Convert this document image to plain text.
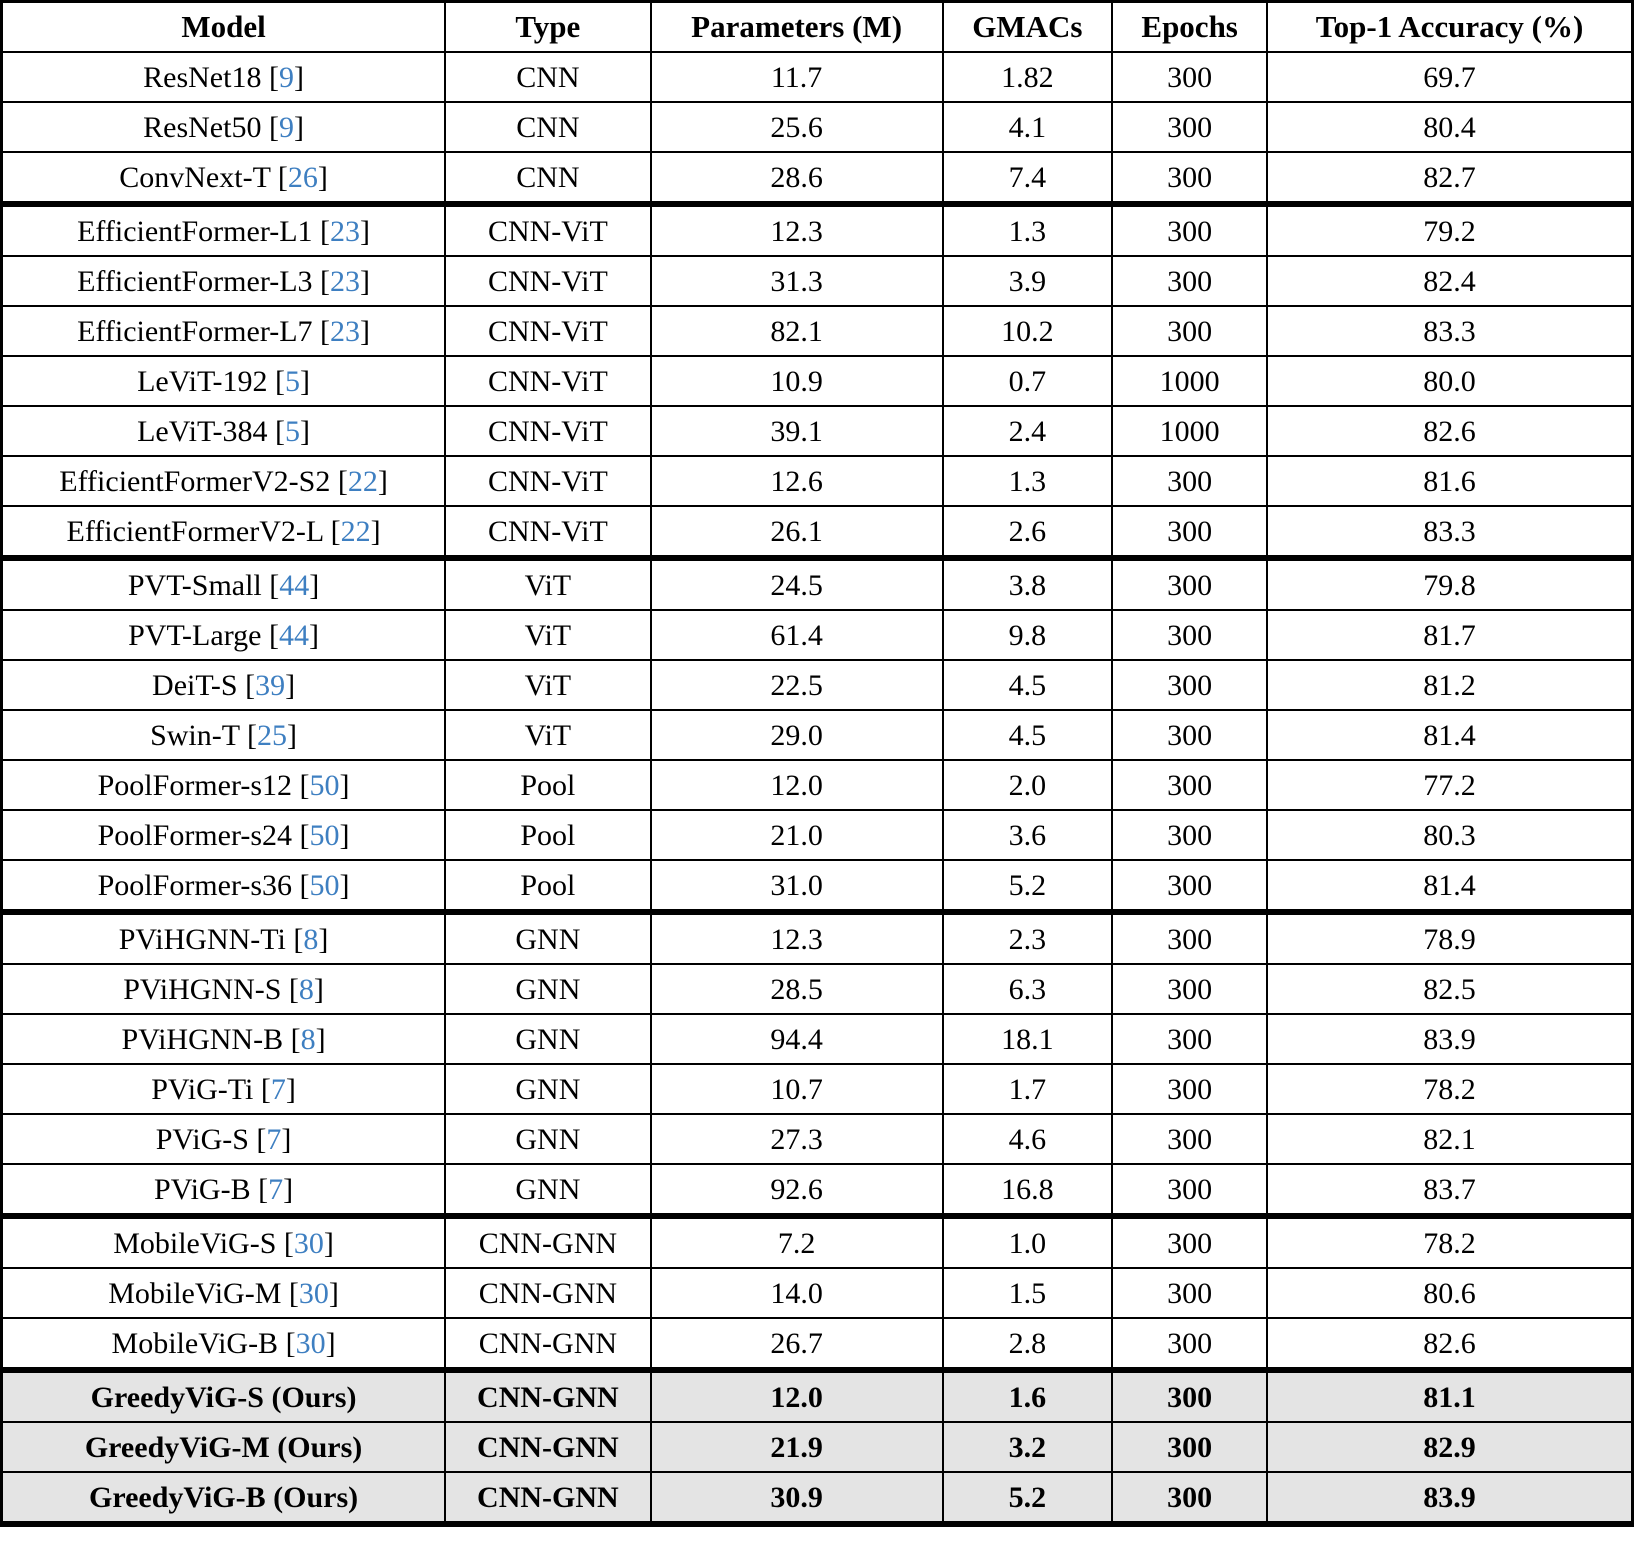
Model	Type	Parameters (M)	GMACs	Epochs	Top-1 Accuracy (%)
ResNet18 [9]	CNN	11.7	1.82	300	69.7
ResNet50 [9]	CNN	25.6	4.1	300	80.4
ConvNext-T [26]	CNN	28.6	7.4	300	82.7
EfficientFormer-L1 [23]	CNN-ViT	12.3	1.3	300	79.2
EfficientFormer-L3 [23]	CNN-ViT	31.3	3.9	300	82.4
EfficientFormer-L7 [23]	CNN-ViT	82.1	10.2	300	83.3
LeViT-192 [5]	CNN-ViT	10.9	0.7	1000	80.0
LeViT-384 [5]	CNN-ViT	39.1	2.4	1000	82.6
EfficientFormerV2-S2 [22]	CNN-ViT	12.6	1.3	300	81.6
EfficientFormerV2-L [22]	CNN-ViT	26.1	2.6	300	83.3
PVT-Small [44]	ViT	24.5	3.8	300	79.8
PVT-Large [44]	ViT	61.4	9.8	300	81.7
DeiT-S [39]	ViT	22.5	4.5	300	81.2
Swin-T [25]	ViT	29.0	4.5	300	81.4
PoolFormer-s12 [50]	Pool	12.0	2.0	300	77.2
PoolFormer-s24 [50]	Pool	21.0	3.6	300	80.3
PoolFormer-s36 [50]	Pool	31.0	5.2	300	81.4
PViHGNN-Ti [8]	GNN	12.3	2.3	300	78.9
PViHGNN-S [8]	GNN	28.5	6.3	300	82.5
PViHGNN-B [8]	GNN	94.4	18.1	300	83.9
PViG-Ti [7]	GNN	10.7	1.7	300	78.2
PViG-S [7]	GNN	27.3	4.6	300	82.1
PViG-B [7]	GNN	92.6	16.8	300	83.7
MobileViG-S [30]	CNN-GNN	7.2	1.0	300	78.2
MobileViG-M [30]	CNN-GNN	14.0	1.5	300	80.6
MobileViG-B [30]	CNN-GNN	26.7	2.8	300	82.6
GreedyViG-S (Ours)	CNN-GNN	12.0	1.6	300	81.1
GreedyViG-M (Ours)	CNN-GNN	21.9	3.2	300	82.9
GreedyViG-B (Ours)	CNN-GNN	30.9	5.2	300	83.9
